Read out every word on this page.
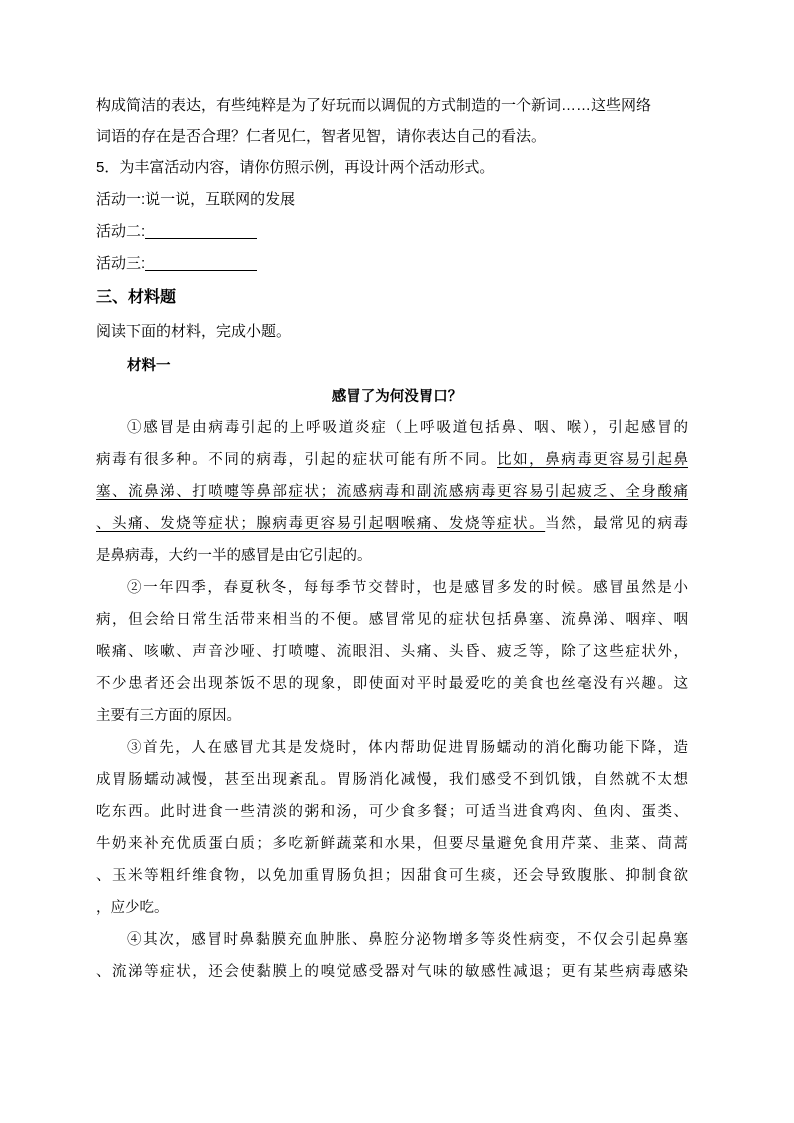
构成简洁的表达，有些纯粹是为了好玩而以调侃的方式制造的一个新词……这些网络
词语的存在是否合理？仁者见仁，智者见智，请你表达自己的看法。
5．为丰富活动内容，请你仿照示例，再设计两个活动形式。
活动一:说一说，互联网的发展
活动二:
活动三:
三、材料题
阅读下面的材料，完成小题。
材料一
感冒了为何没胃口？
①感冒是由病毒引起的上呼吸道炎症（上呼吸道包括鼻、咽、喉），引起感冒的
病毒有很多种。不同的病毒，引起的症状可能有所不同。比如，鼻病毒更容易引起鼻
塞、流鼻涕、打喷嚏等鼻部症状；流感病毒和副流感病毒更容易引起疲乏、全身酸痛
、头痛、发烧等症状；腺病毒更容易引起咽喉痛、发烧等症状。当然，最常见的病毒
是鼻病毒，大约一半的感冒是由它引起的。
②一年四季，春夏秋冬，每每季节交替时，也是感冒多发的时候。感冒虽然是小
病，但会给日常生活带来相当的不便。感冒常见的症状包括鼻塞、流鼻涕、咽痒、咽
喉痛、咳嗽、声音沙哑、打喷嚏、流眼泪、头痛、头昏、疲乏等，除了这些症状外，
不少患者还会出现茶饭不思的现象，即使面对平时最爱吃的美食也丝毫没有兴趣。这
主要有三方面的原因。
③首先，人在感冒尤其是发烧时，体内帮助促进胃肠蠕动的消化酶功能下降，造
成胃肠蠕动减慢，甚至出现紊乱。胃肠消化减慢，我们感受不到饥饿，自然就不太想
吃东西。此时进食一些清淡的粥和汤，可少食多餐；可适当进食鸡肉、鱼肉、蛋类、
牛奶来补充优质蛋白质；多吃新鲜蔬菜和水果，但要尽量避免食用芹菜、韭菜、茼蒿
、玉米等粗纤维食物，以免加重胃肠负担；因甜食可生痰，还会导致腹胀、抑制食欲
，应少吃。
④其次，感冒时鼻黏膜充血肿胀、鼻腔分泌物增多等炎性病变，不仅会引起鼻塞
、流涕等症状，还会使黏膜上的嗅觉感受器对气味的敏感性减退；更有某些病毒感染
